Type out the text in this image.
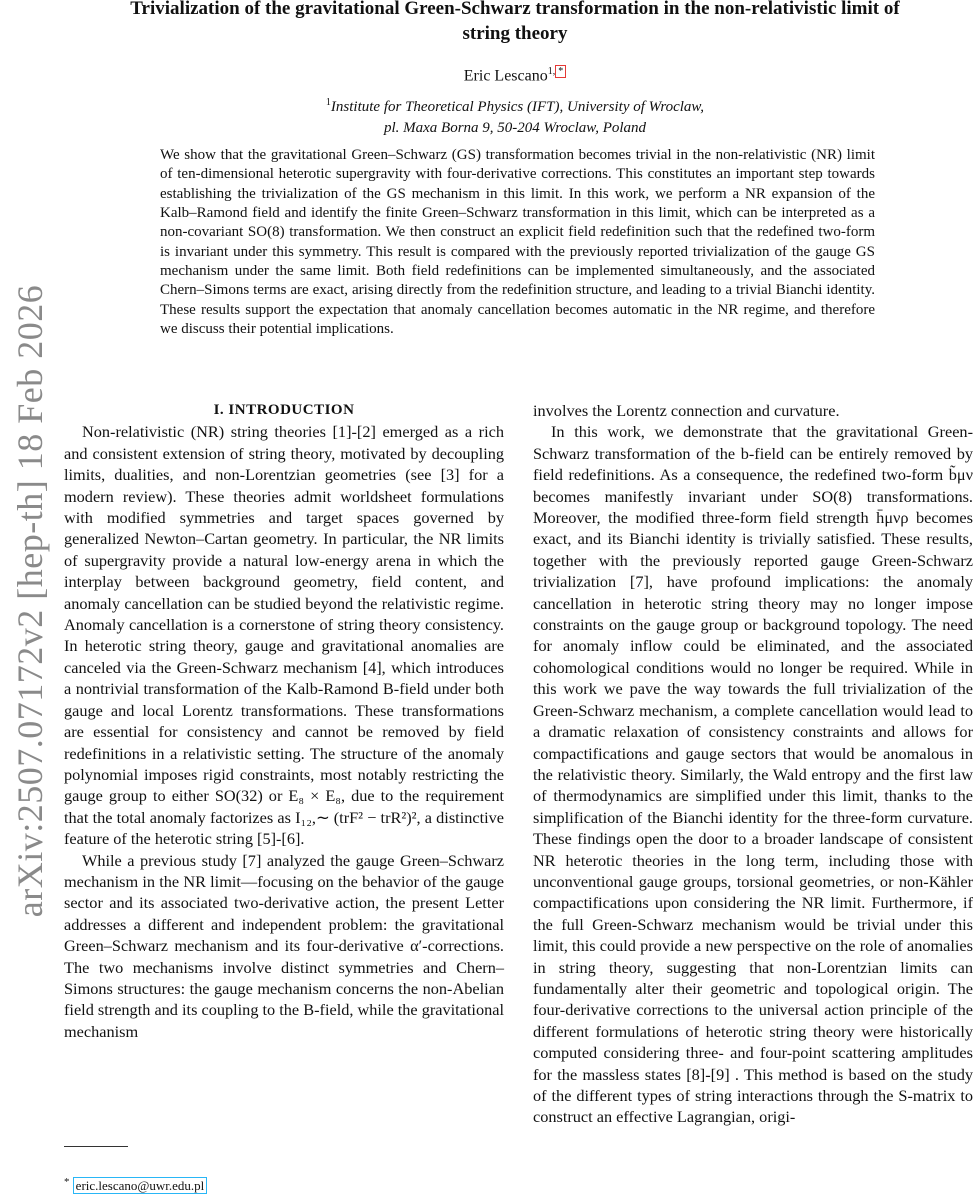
arXiv:2507.07172v2 [hep-th] 18 Feb 2026
Trivialization of the gravitational Green-Schwarz transformation in the non-relativistic limit of string theory
Eric Lescano$^{1,}$ *
$^1$Institute for Theoretical Physics (IFT), University of Wroclaw,
pl. Maxa Borna 9, 50-204 Wroclaw, Poland
We show that the gravitational Green–Schwarz (GS) transformation becomes trivial in the non-relativistic (NR) limit of ten-dimensional heterotic supergravity with four-derivative corrections. This constitutes an important step towards establishing the trivialization of the GS mechanism in this limit. In this work, we perform a NR expansion of the Kalb–Ramond field and identify the finite Green–Schwarz transformation in this limit, which can be interpreted as a non-covariant SO(8) transformation. We then construct an explicit field redefinition such that the redefined two-form is invariant under this symmetry. This result is compared with the previously reported trivialization of the gauge GS mechanism under the same limit. Both field redefinitions can be implemented simultaneously, and the associated Chern–Simons terms are exact, arising directly from the redefinition structure, and leading to a trivial Bianchi identity. These results support the expectation that anomaly cancellation becomes automatic in the NR regime, and therefore we discuss their potential implications.

I. INTRODUCTION

Non-relativistic (NR) string theories [1]-[2] emerged as a rich and consistent extension of string theory, motivated by decoupling limits, dualities, and non-Lorentzian geometries (see [3] for a modern review). These theories admit worldsheet formulations with modified symmetries and target spaces governed by generalized Newton–Cartan geometry. In particular, the NR limits of supergravity provide a natural low-energy arena in which the interplay between background geometry, field content, and anomaly cancellation can be studied beyond the relativistic regime. Anomaly cancellation is a cornerstone of string theory consistency. In heterotic string theory, gauge and gravitational anomalies are canceled via the Green-Schwarz mechanism [4], which introduces a nontrivial transformation of the Kalb-Ramond B-field under both gauge and local Lorentz transformations. These transformations are essential for consistency and cannot be removed by field redefinitions in a relativistic setting. The structure of the anomaly polynomial imposes rigid constraints, most notably restricting the gauge group to either SO(32) or E₈ × E₈, due to the requirement that the total anomaly factorizes as I₁₂,∼ (trF² − trR²)², a distinctive feature of the heterotic string [5]-[6].

While a previous study [7] analyzed the gauge Green–Schwarz mechanism in the NR limit—focusing on the behavior of the gauge sector and its associated two-derivative action, the present Letter addresses a different and independent problem: the gravitational Green–Schwarz mechanism and its four-derivative α′-corrections. The two mechanisms involve distinct symmetries and Chern–Simons structures: the gauge mechanism concerns the non-Abelian field strength and its coupling to the B-field, while the gravitational mechanism

involves the Lorentz connection and curvature.

In this work, we demonstrate that the gravitational Green-Schwarz transformation of the b-field can be entirely removed by field redefinitions. As a consequence, the redefined two-form b̃μν becomes manifestly invariant under SO(8) transformations. Moreover, the modified three-form field strength h̄μνρ becomes exact, and its Bianchi identity is trivially satisfied. These results, together with the previously reported gauge Green-Schwarz trivialization [7], have profound implications: the anomaly cancellation in heterotic string theory may no longer impose constraints on the gauge group or background topology. The need for anomaly inflow could be eliminated, and the associated cohomological conditions would no longer be required. While in this work we pave the way towards the full trivialization of the Green-Schwarz mechanism, a complete cancellation would lead to a dramatic relaxation of consistency constraints and allows for compactifications and gauge sectors that would be anomalous in the relativistic theory. Similarly, the Wald entropy and the first law of thermodynamics are simplified under this limit, thanks to the simplification of the Bianchi identity for the three-form curvature. These findings open the door to a broader landscape of consistent NR heterotic theories in the long term, including those with unconventional gauge groups, torsional geometries, or non-Kähler compactifications upon considering the NR limit. Furthermore, if the full Green-Schwarz mechanism would be trivial under this limit, this could provide a new perspective on the role of anomalies in string theory, suggesting that non-Lorentzian limits can fundamentally alter their geometric and topological origin. The four-derivative corrections to the universal action principle of the different formulations of heterotic string theory were historically computed considering three- and four-point scattering amplitudes for the massless states [8]-[9] . This method is based on the study of the different types of string interactions through the S-matrix to construct an effective Lagrangian, origi-

* eric.lescano@uwr.edu.pl
